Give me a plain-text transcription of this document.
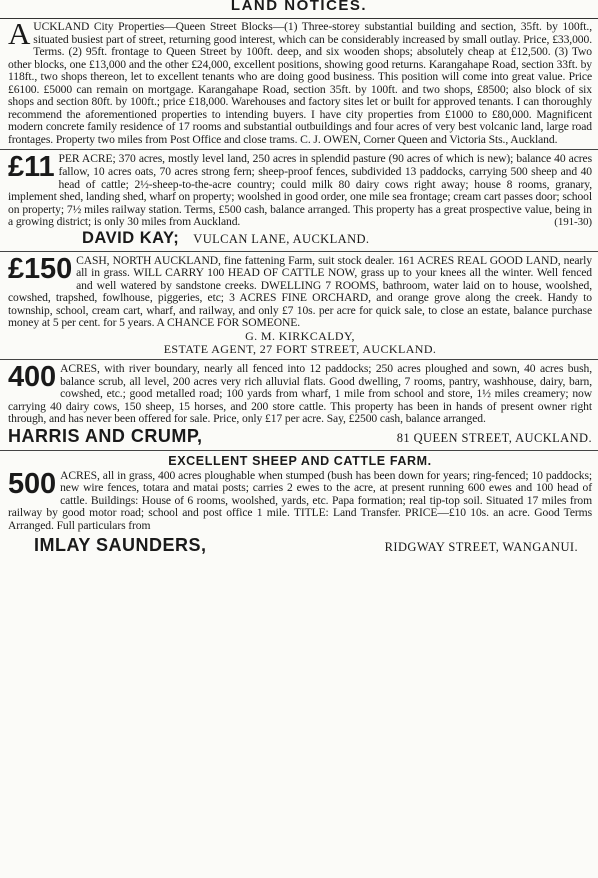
LAND NOTICES.

AUCKLAND City Properties—Queen Street Blocks—(1) Three-storey substantial building and section, 35ft. by 100ft., situated busiest part of street, returning good interest, which can be considerably increased by small outlay. Price, £33,000. Terms. (2) 95ft. frontage to Queen Street by 100ft. deep, and six wooden shops; absolutely cheap at £12,500. (3) Two other blocks, one £13,000 and the other £24,000, excellent positions, showing good returns. Karangahape Road, section 33ft. by 118ft., two shops thereon, let to excellent tenants who are doing good business. This position will come into great value. Price £6100. £5000 can remain on mortgage. Karangahape Road, section 35ft. by 100ft. and two shops, £8500; also block of six shops and section 80ft. by 100ft.; price £18,000. Warehouses and factory sites let or built for approved tenants. I can thoroughly recommend the aforementioned properties to intending buyers. I have city properties from £1000 to £80,000. Magnificent modern concrete family residence of 17 rooms and substantial outbuildings and four acres of very best volcanic land, large road frontages. Property two miles from Post Office and close trams. C. J. OWEN, Corner Queen and Victoria Sts., Auckland.

£11 PER ACRE; 370 acres, mostly level land, 250 acres in splendid pasture (90 acres of which is new); balance 40 acres fallow, 10 acres oats, 70 acres strong fern; sheep-proof fences, subdivided 13 paddocks, carrying 500 sheep and 40 head of cattle; 2½-sheep-to-the-acre country; could milk 80 dairy cows right away; house 8 rooms, granary, implement shed, landing shed, wharf on property; woolshed in good order, one mile sea frontage; cream cart passes door; school on property; 7½ miles railway station. Terms, £500 cash, balance arranged. This property has a great prospective value, being in a growing district; is only 30 miles from Auckland.	(191-30)

DAVID KAY; VULCAN LANE, AUCKLAND.

£150 CASH, NORTH AUCKLAND, fine fattening Farm, suit stock dealer. 161 ACRES REAL GOOD LAND, nearly all in grass. WILL CARRY 100 HEAD OF CATTLE NOW, grass up to your knees all the winter. Well fenced and well watered by sandstone creeks. DWELLING 7 ROOMS, bathroom, water laid on to house, woolshed, cowshed, trapshed, fowlhouse, piggeries, etc; 3 ACRES FINE ORCHARD, and orange grove along the creek. Handy to township, school, cream cart, wharf, and railway, and only £7 10s. per acre for quick sale, to close an estate, balance purchase money at 5 per cent. for 5 years. A CHANCE FOR SOMEONE.

G. M. KIRKCALDY,
ESTATE AGENT, 27 FORT STREET, AUCKLAND.

400 ACRES, with river boundary, nearly all fenced into 12 paddocks; 250 acres ploughed and sown, 40 acres bush, balance scrub, all level, 200 acres very rich alluvial flats. Good dwelling, 7 rooms, pantry, washhouse, dairy, barn, cowshed, etc.; good metalled road; 100 yards from wharf, 1 mile from school and store, 1½ miles creamery; now carrying 40 dairy cows, 150 sheep, 15 horses, and 200 store cattle. This property has been in hands of present owner right through, and has never been offered for sale. Price, only £17 per acre. Say, £2500 cash, balance arranged.

HARRIS AND CRUMP,	81 QUEEN STREET, AUCKLAND.
EXCELLENT SHEEP AND CATTLE FARM.

500 ACRES, all in grass, 400 acres ploughable when stumped (bush has been down for years; ring-fenced; 10 paddocks; new wire fences, totara and matai posts; carries 2 ewes to the acre, at present running 600 ewes and 100 head of cattle. Buildings: House of 6 rooms, woolshed, yards, etc. Papa formation; real tip-top soil. Situated 17 miles from railway by good motor road; school and post office 1 mile. TITLE: Land Transfer. PRICE—£10 10s. an acre. Good Terms Arranged. Full particulars from

IMLAY SAUNDERS,	RIDGWAY STREET, WANGANUI.
